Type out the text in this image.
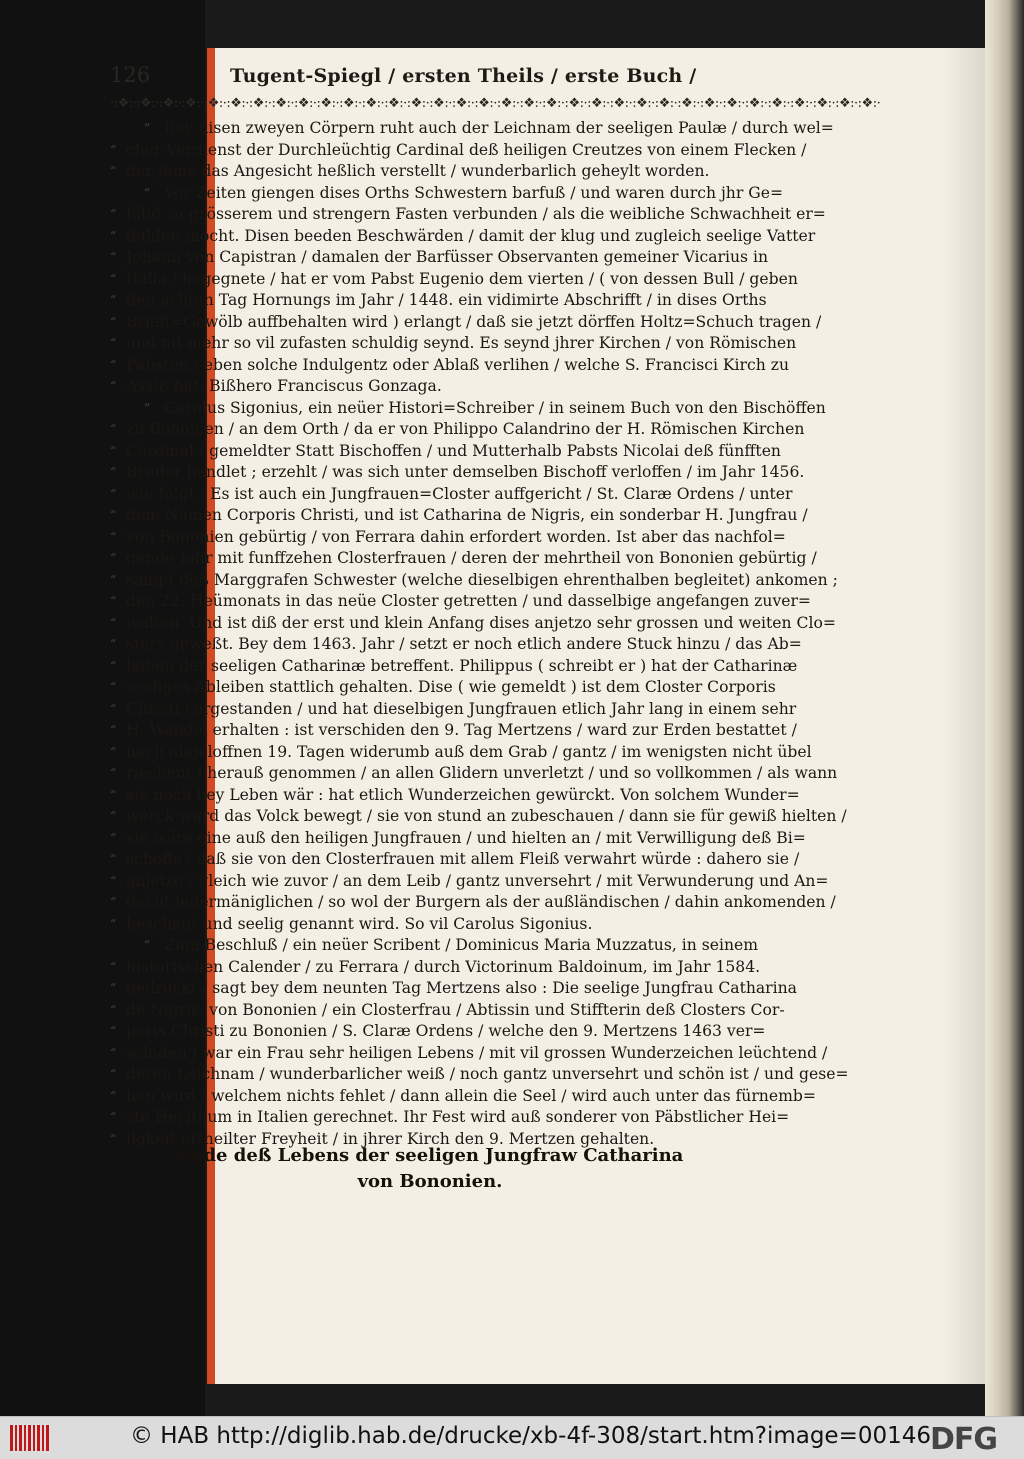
126	Tugent-Spiegl / ersten Theils / erste Buch /
·:❖:·:❖:·:❖:·:❖:·:❖:·:❖:·:❖:·:❖:·:❖:·:❖:·:❖:·:❖:·:❖:·:❖:·:❖:·:❖:·:❖:·:❖:·:❖:·:❖:·:❖:·:❖:·:❖:·:❖:·:❖:·:❖:·:❖:·:❖:·:❖:·:❖:·:❖:·:❖:·:❖:·:❖:·
“ Bey disen zweyen Cörpern ruht auch der Leichnam der seeligen Paulæ / durch wel=
“ cher Verdienst der Durchleüchtig Cardinal deß heiligen Creutzes von einem Flecken /
“ der jhme das Angesicht heßlich verstellt / wunderbarlich geheylt worden.
“ Vor Zeiten giengen dises Orths Schwestern barfuß / und waren durch jhr Ge=
“ lübd zu grösserem und strengern Fasten verbunden / als die weibliche Schwachheit er=
“ dulden möcht. Disen beeden Beschwärden / damit der klug und zugleich seelige Vatter
“ Johann von Capistran / damalen der Barfüsser Observanten gemeiner Vicarius in
“ Italia / begegnete / hat er vom Pabst Eugenio dem vierten / ( von dessen Bull / geben
“ den achten Tag Hornungs im Jahr / 1448. ein vidimirte Abschrifft / in dises Orths
“ Brieff=Gewölb auffbehalten wird ) erlangt / daß sie jetzt dörffen Holtz=Schuch tragen /
“ und nit mehr so vil zufasten schuldig seynd. Es seynd jhrer Kirchen / von Römischen
“ Päbsten / eben solche Indulgentz oder Ablaß verlihen / welche S. Francisci Kirch zu
“ Assiß hat. Bißhero Franciscus Gonzaga.
“ Carolus Sigonius, ein neüer Histori=Schreiber / in seinem Buch von den Bischöffen
“ zu Bononien / an dem Orth / da er von Philippo Calandrino der H. Römischen Kirchen
“ Cardinal / gemeldter Statt Bischoffen / und Mutterhalb Pabsts Nicolai deß fünfften
“ Bruder handlet ; erzehlt / was sich unter demselben Bischoff verloffen / im Jahr 1456.
“ wie folgt : Es ist auch ein Jungfrauen=Closter auffgericht / St. Claræ Ordens / unter
“ dem Namen Corporis Christi, und ist Catharina de Nigris, ein sonderbar H. Jungfrau /
“ von Bononien gebürtig / von Ferrara dahin erfordert worden. Ist aber das nachfol=
“ gende Jahr mit funffzehen Closterfrauen / deren der mehrtheil von Bononien gebürtig /
“ sampt deß Marggrafen Schwester (welche dieselbigen ehrenthalben begleitet) ankomen ;
“ den 22. Heümonats in das neüe Closter getretten / und dasselbige angefangen zuver=
“ walten. Und ist diß der erst und klein Anfang dises anjetzo sehr grossen und weiten Clo=
“ sters geweßt. Bey dem 1463. Jahr / setzt er noch etlich andere Stuck hinzu / das Ab=
“ leiben der seeligen Catharinæ betreffent. Philippus ( schreibt er ) hat der Catharinæ
“ seeliges Ableiben stattlich gehalten. Dise ( wie gemeldt ) ist dem Closter Corporis
“ Christi vorgestanden / und hat dieselbigen Jungfrauen etlich Jahr lang in einem sehr
“ H. Wandel erhalten : ist verschiden den 9. Tag Mertzens / ward zur Erden bestattet /
“ nach abgeloffnen 19. Tagen widerumb auß dem Grab / gantz / im wenigsten nicht übel
“ riechent / herauß genommen / an allen Glidern unverletzt / und so vollkommen / als wann
“ sie noch bey Leben wär : hat etlich Wunderzeichen gewürckt. Von solchem Wunder=
“ werck ward das Volck bewegt / sie von stund an zubeschauen / dann sie für gewiß hielten /
“ sie wäre eine auß den heiligen Jungfrauen / und hielten an / mit Verwilligung deß Bi=
“ schoffs / daß sie von den Closterfrauen mit allem Fleiß verwahrt würde : dahero sie /
“ anjetzo / gleich wie zuvor / an dem Leib / gantz unversehrt / mit Verwunderung und An=
“ dacht jedermäniglichen / so wol der Burgern als der außländischen / dahin ankomenden /
“ beschaut und seelig genannt wird. So vil Carolus Sigonius.
“ Zum Beschluß / ein neüer Scribent / Dominicus Maria Muzzatus, in seinem
“ historischen Calender / zu Ferrara / durch Victorinum Baldoinum, im Jahr 1584.
“ gedruckt / sagt bey dem neunten Tag Mertzens also : Die seelige Jungfrau Catharina
“ de Nigris, von Bononien / ein Closterfrau / Abtissin und Stiffterin deß Closters Cor-
“ poris Christi zu Bononien / S. Claræ Ordens / welche den 9. Mertzens 1463 ver=
“ schiden / war ein Frau sehr heiligen Lebens / mit vil grossen Wunderzeichen leüchtend /
“ deren Leichnam / wunderbarlicher weiß / noch gantz unversehrt und schön ist / und gese=
“ hen wird / welchem nichts fehlet / dann allein die Seel / wird auch unter das fürnemb=
“ ste Heylthum in Italien gerechnet. Ihr Fest wird auß sonderer von Päbstlicher Hei=
“ ligkeit ertheilter Freyheit / in jhrer Kirch den 9. Mertzen gehalten.
Ende deß Lebens der seeligen Jungfraw Catharina
von Bononien.
© HAB http://diglib.hab.de/drucke/xb-4f-308/start.htm?image=00146
DFG
